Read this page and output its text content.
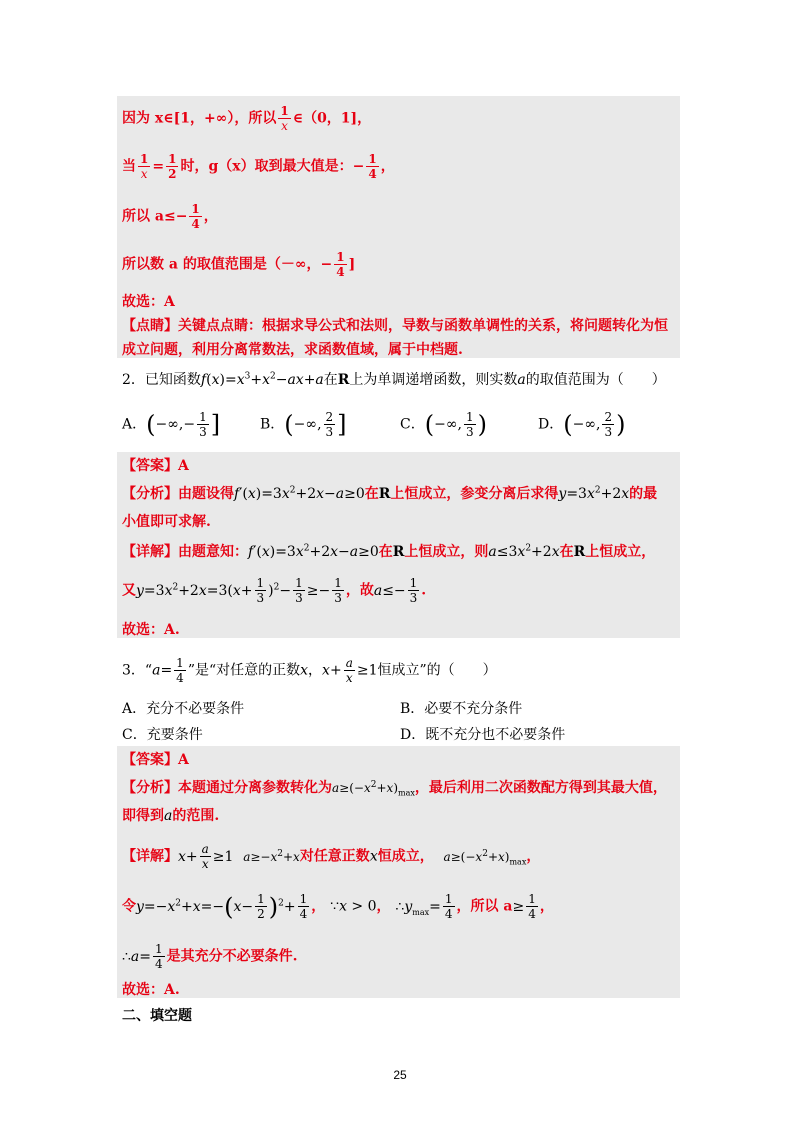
因为 x∈[1，+∞），所以 $\frac{1}{x}$ ∈（0，1]，
当 $\frac{1}{x} = \frac{1}{2}$ 时，g（x）取到最大值是：− $\frac{1}{4}$ ，
所以 $a\le- \frac{1}{4}$ ，
所以数 a 的取值范围是（－∞，− $\frac{1}{4}$ ]
故选：A
【点睛】关键点点睛：根据求导公式和法则，导数与函数单调性的关系，将问题转化为恒
成立问题，利用分离常数法，求函数值域，属于中档题.
2．已知函数$f(x)=x^3+x^2-ax+a$在R上为单调递增函数，则实数a的取值范围为（　　）
A．(−∞,− $\frac{1}{3}$ ]	B．(−∞, $\frac{2}{3}$ ]	C．(−∞, $\frac{1}{3}$ )	D．(−∞, $\frac{2}{3}$ )
【答案】A
【分析】由题设得$f'(x)=3x^2+2x-a\ge 0$在R上恒成立，参变分离后求得$y=3x^2+2x$的最
小值即可求解.
【详解】由题意知：$f'(x)=3x^2+2x-a\ge 0$在R上恒成立，则$a\le 3x^2+2x$在R上恒成立，
又$y=3x^2+2x=3(x+ \frac{1}{3} )^2- \frac{1}{3} \ge- \frac{1}{3}$ ，故$a\le- \frac{1}{3}$ .
故选：A.
3．“$a= \frac{1}{4}$ ”是“对任意的正数x，$x+ \frac{a}{x} \ge 1$恒成立”的（　　）
A．充分不必要条件	B．必要不充分条件
C．充要条件	D．既不充分也不必要条件
【答案】A
【分析】本题通过分离参数转化为$a\ge(-x^2+x)_{max}$，最后利用二次函数配方得到其最大值，
即得到a的范围.
【详解】$x+ \frac{a}{x} \ge 1$ $a\ge-x^2+x$对任意正数x恒成立， $a\ge(-x^2+x)_{max}$，
令$y=-x^2+x=-(x- \frac{1}{2} )^2+ \frac{1}{4}$ ， ∵x > 0， $\therefore y_{max}= \frac{1}{4}$ ，所以 $a\ge \frac{1}{4}$ ，
∴a= $\frac{1}{4}$ 是其充分不必要条件.
故选：A.
二、填空题
25
